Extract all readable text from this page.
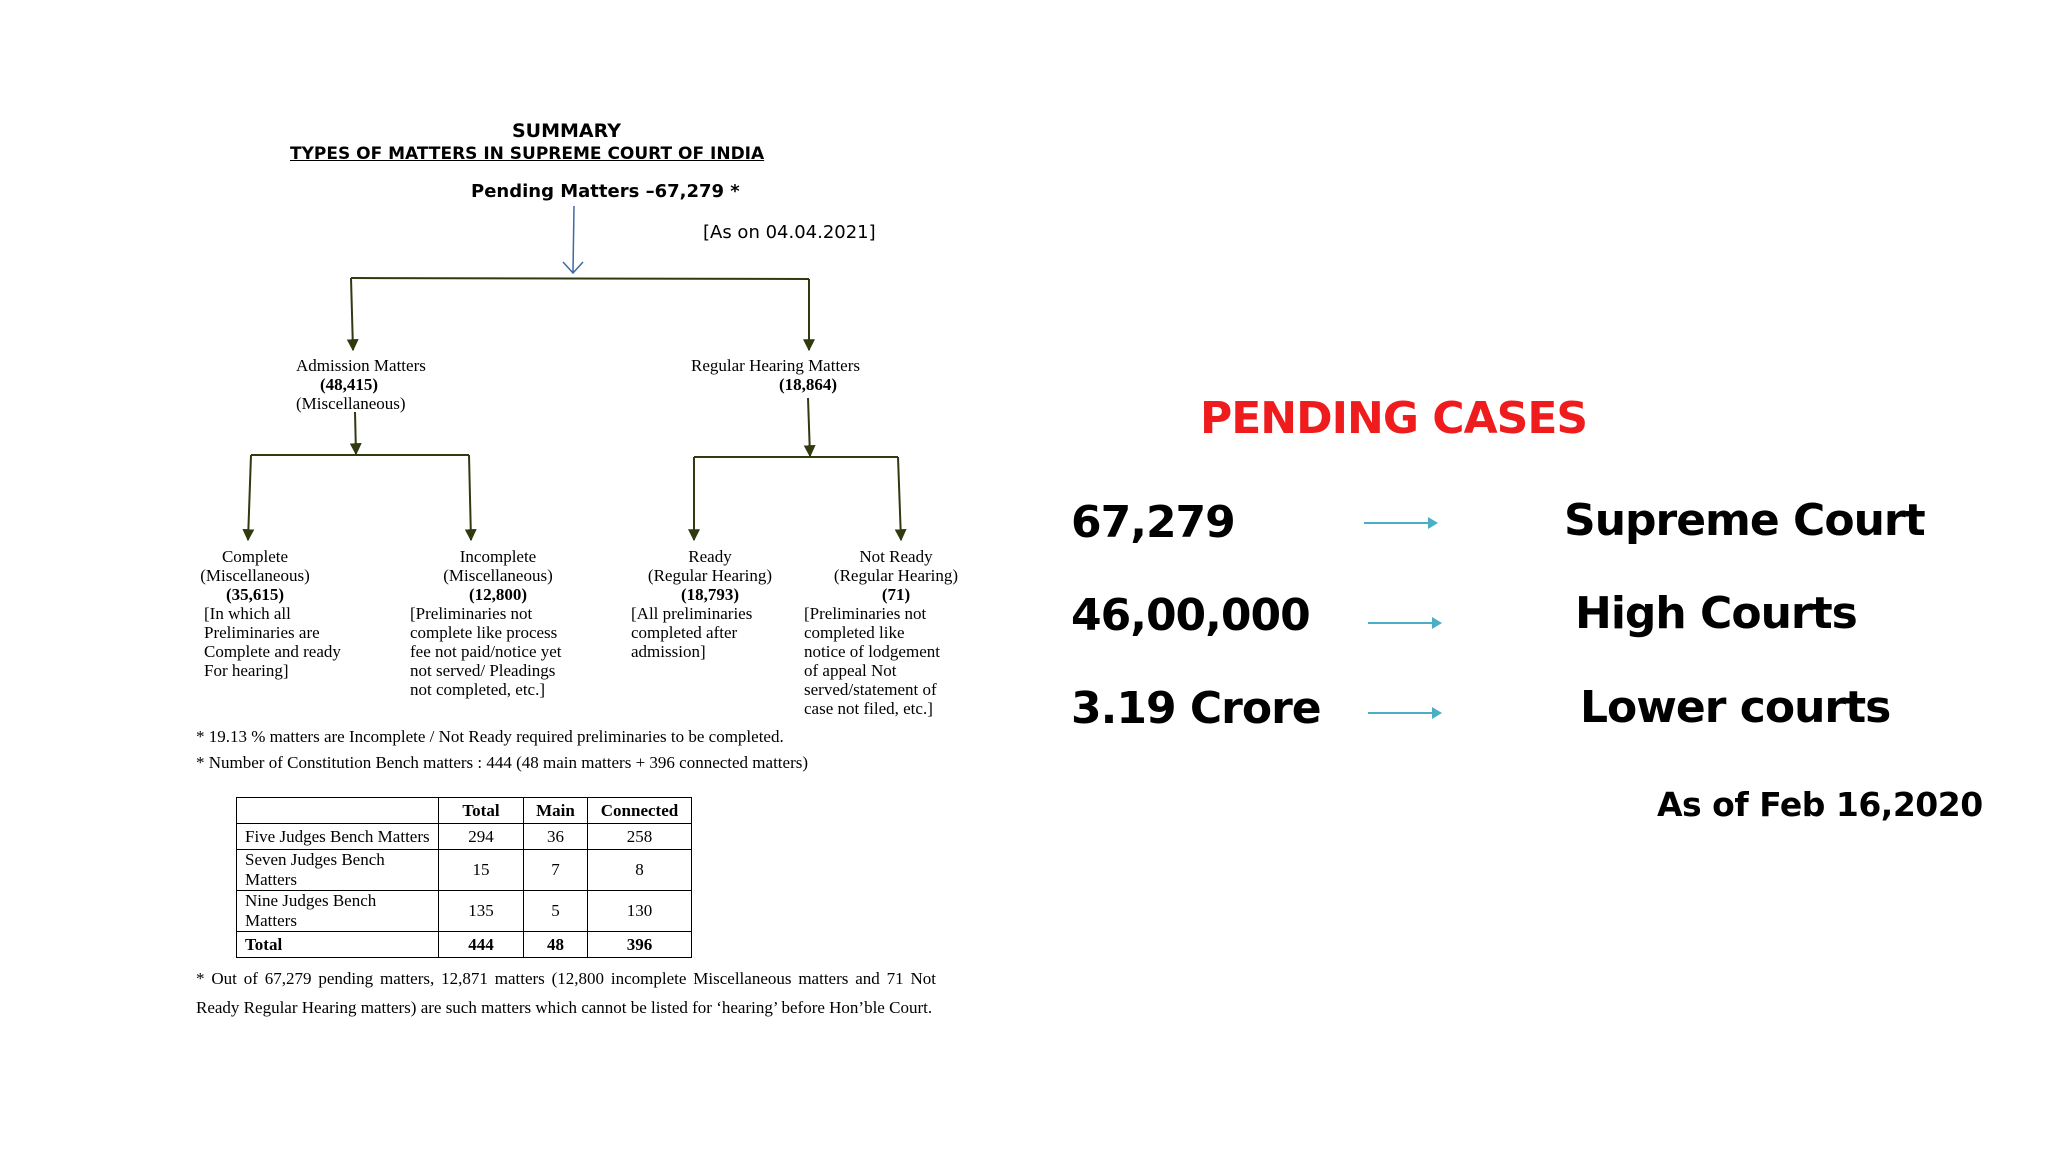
SUMMARY
TYPES OF MATTERS IN SUPREME COURT OF INDIA
Pending Matters –67,279 *
[As on 04.04.2021]
Admission Matters
(48,415)
(Miscellaneous)
Regular Hearing Matters
(18,864)
Complete
(Miscellaneous)
(35,615)
[In which all
Preliminaries are
Complete and ready
For hearing]
Incomplete
(Miscellaneous)
(12,800)
[Preliminaries not
complete like process
fee not paid/notice yet
not served/ Pleadings
not completed, etc.]
Ready
(Regular Hearing)
(18,793)
[All preliminaries
completed after
admission]
Not Ready
(Regular Hearing)
(71)
[Preliminaries not
completed like
notice of lodgement
of appeal Not
served/statement of
case not filed, etc.]
* 19.13 % matters are Incomplete / Not Ready required preliminaries to be completed.
* Number of Constitution Bench matters : 444 (48 main matters + 396 connected matters)
	Total	Main	Connected
Five Judges Bench Matters	294	36	258
Seven Judges Bench Matters	15	7	8
Nine Judges Bench Matters	135	5	130
Total	444	48	396
* Out of 67,279 pending matters, 12,871 matters (12,800 incomplete Miscellaneous matters and 71 Not Ready Regular Hearing matters) are such matters which cannot be listed for ‘hearing’ before Hon’ble Court.
PENDING CASES
67,279	Supreme Court
46,00,000	High Courts
3.19 Crore	Lower courts
As of Feb 16,2020
